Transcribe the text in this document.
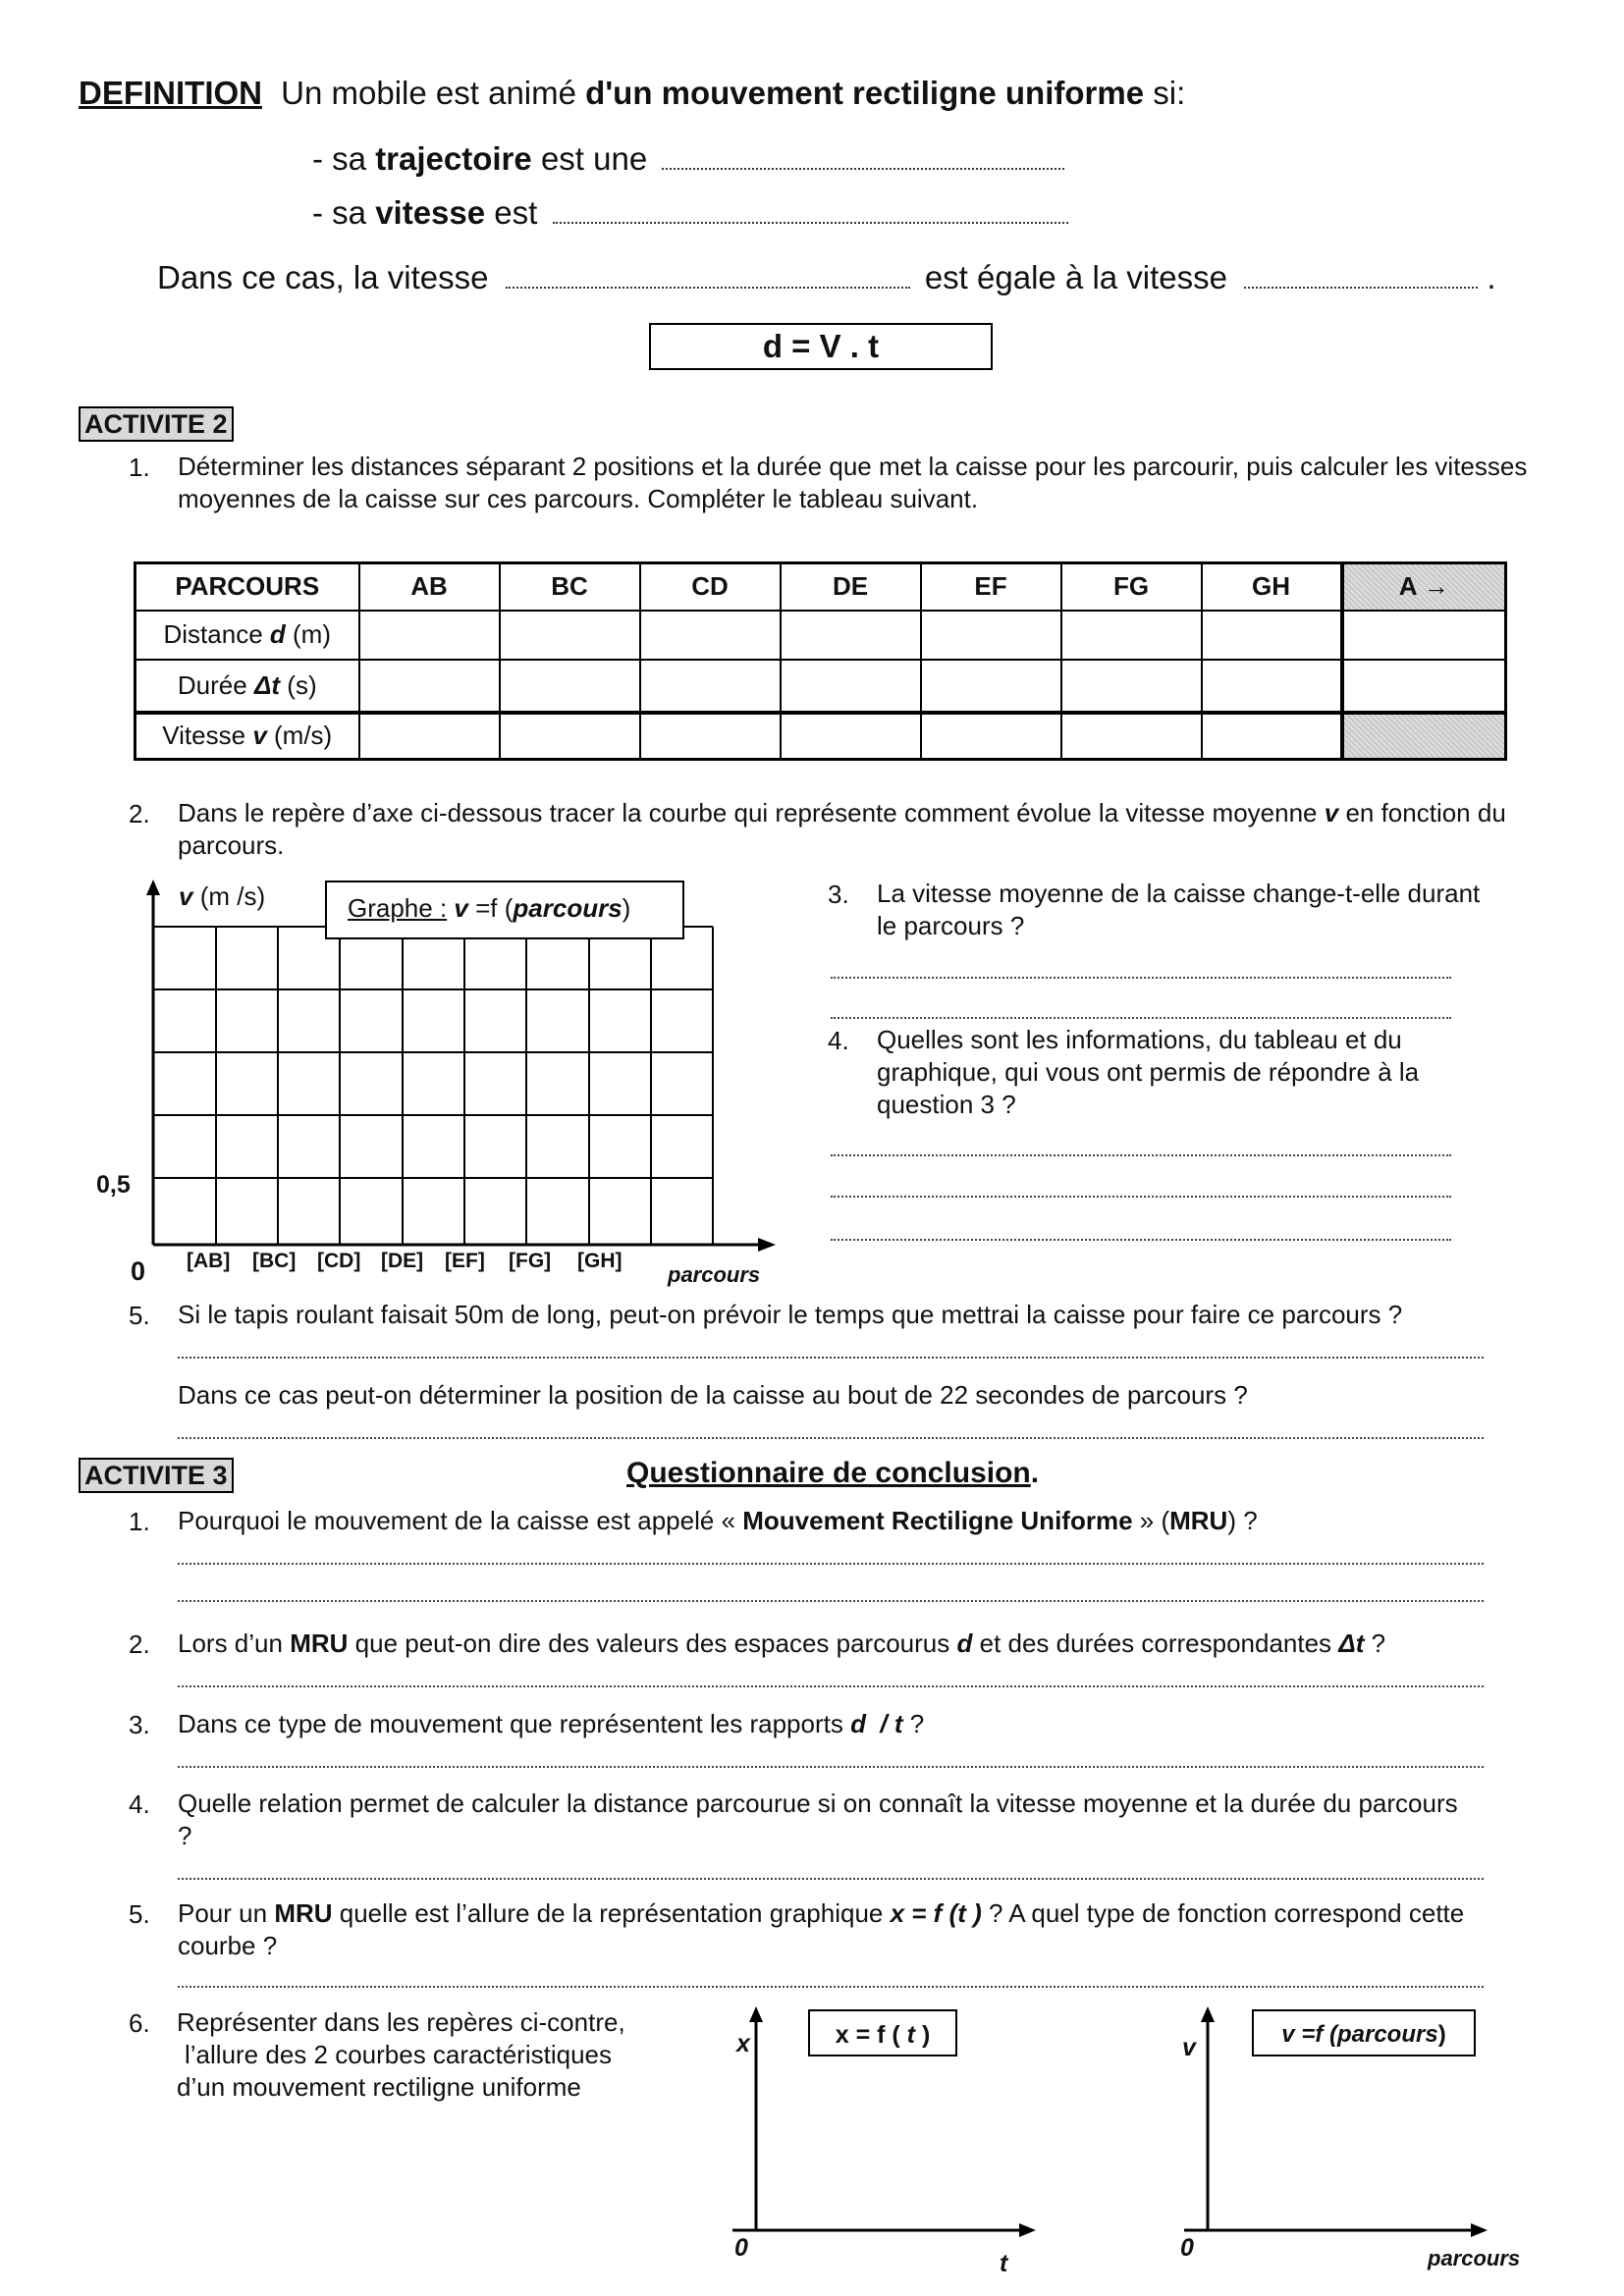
DEFINITION Un mobile est animé d'un mouvement rectiligne uniforme si:
- sa trajectoire est une
- sa vitesse est
Dans ce cas, la vitesse	est égale à la vitesse	.
d = V . t
ACTIVITE 2
1. Déterminer les distances séparant 2 positions et la durée que met la caisse pour les parcourir, puis calculer les vitesses moyennes de la caisse sur ces parcours. Compléter le tableau suivant.
PARCOURS	AB	BC	CD	DE	EF	FG	GH	A →
Distance d (m)								
Durée Δt (s)								
Vitesse v (m/s)								
2. Dans le repère d’axe ci-dessous tracer la courbe qui représente comment évolue la vitesse moyenne v en fonction du parcours.
v (m /s)	Graphe : v =f (parcours)
0,5
0 [AB] [BC] [CD] [DE] [EF] [FG] [GH]
parcours
3. La vitesse moyenne de la caisse change-t-elle durant le parcours ?
4. Quelles sont les informations, du tableau et du graphique, qui vous ont permis de répondre à la question 3 ?
5. Si le tapis roulant faisait 50m de long, peut-on prévoir le temps que mettrai la caisse pour faire ce parcours ?
Dans ce cas peut-on déterminer la position de la caisse au bout de 22 secondes de parcours ?
ACTIVITE 3	Questionnaire de conclusion.
1. Pourquoi le mouvement de la caisse est appelé « Mouvement Rectiligne Uniforme » (MRU) ?
2. Lors d’un MRU que peut-on dire des valeurs des espaces parcourus d et des durées correspondantes Δt ?
3. Dans ce type de mouvement que représentent les rapports d  / t ?
4. Quelle relation permet de calculer la distance parcourue si on connaît la vitesse moyenne et la durée du parcours ?
5. Pour un MRU quelle est l’allure de la représentation graphique x = f (t ) ? A quel type de fonction correspond cette courbe ?
6. Représenter dans les repères ci-contre,
l’allure des 2 courbes caractéristiques
d’un mouvement rectiligne uniforme
x	x = f ( t )
0
t
v	v =f (parcours)
0	parcours
